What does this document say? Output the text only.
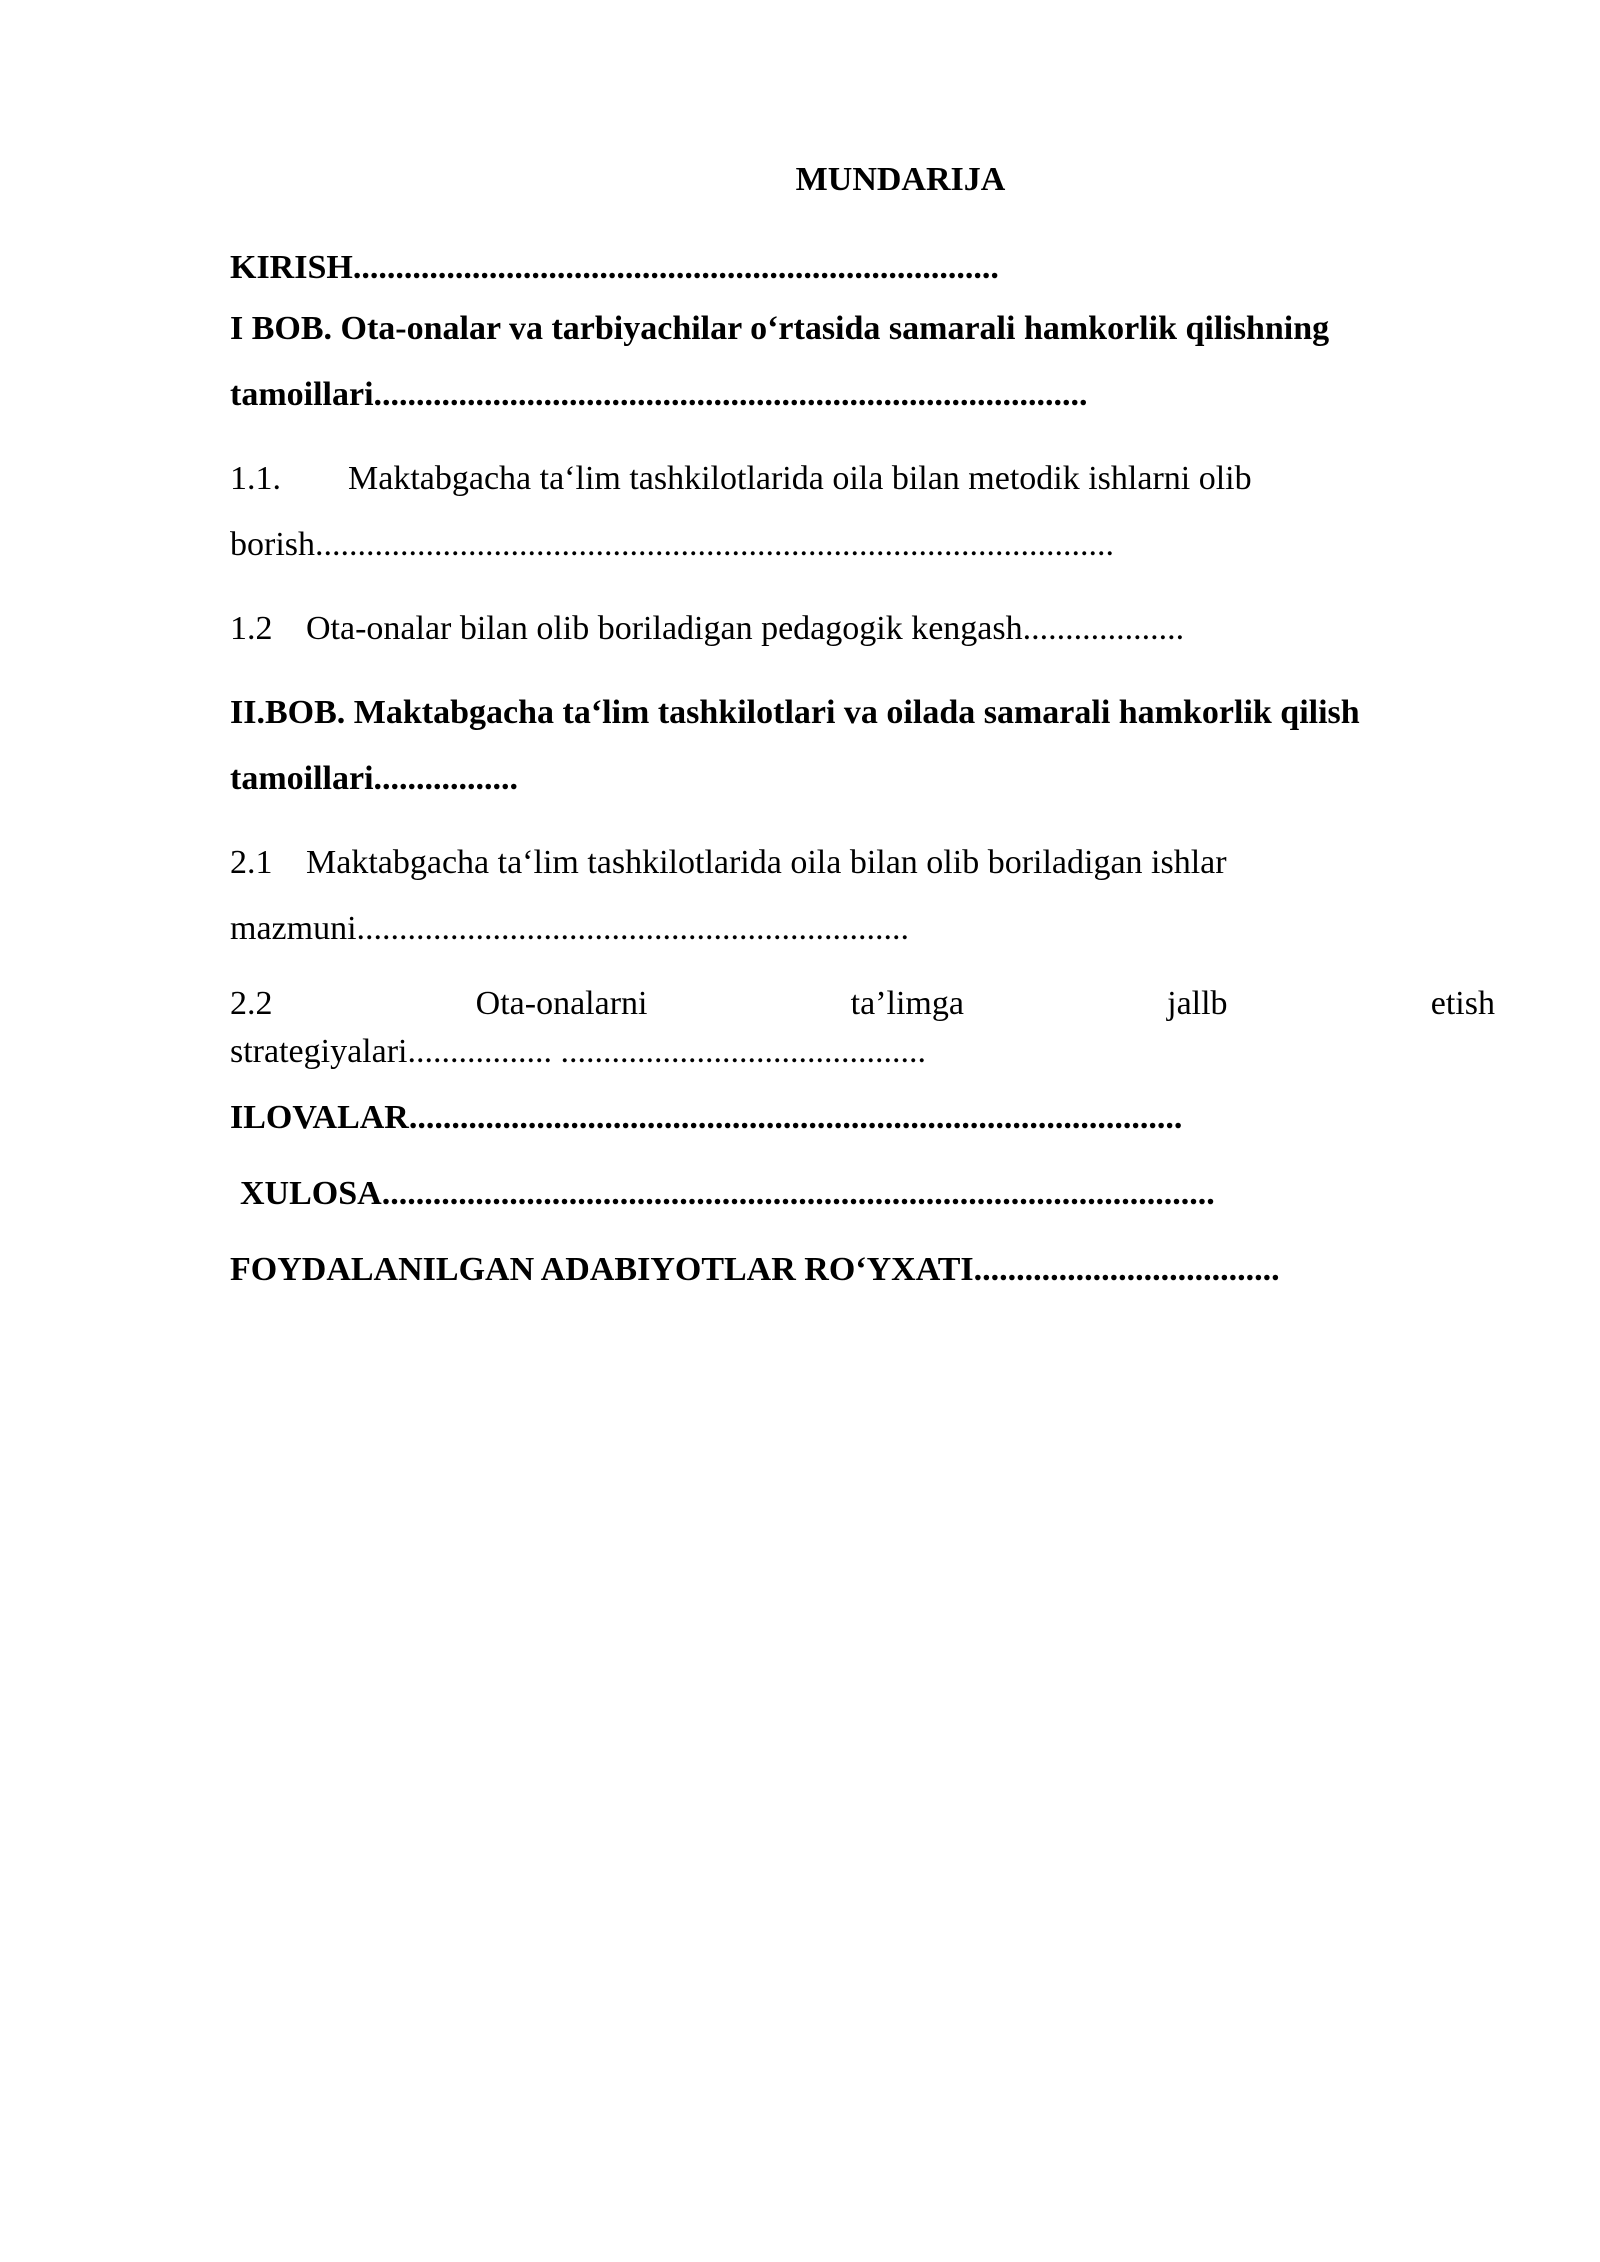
MUNDARIJA
KIRISH............................................................................
I BOB. Ota-onalar va tarbiyachilar o‘rtasida samarali hamkorlik qilishning
tamoillari....................................................................................
1.1. Maktabgacha ta‘lim tashkilotlarida oila bilan metodik ishlarni olib
borish..............................................................................................
1.2 Ota-onalar bilan olib boriladigan pedagogik kengash...................
II.BOB. Maktabgacha ta‘lim tashkilotlari va oilada samarali hamkorlik qilish
tamoillari.................
2.1 Maktabgacha ta‘lim tashkilotlarida oila bilan olib boriladigan ishlar
mazmuni.................................................................
2.2	Ota-onalarni	ta’limga	jallb	etish
strategiyalari................. ...........................................
ILOVALAR...........................................................................................
XULOSA..................................................................................................
FOYDALANILGAN ADABIYOTLAR RO‘YXATI....................................
